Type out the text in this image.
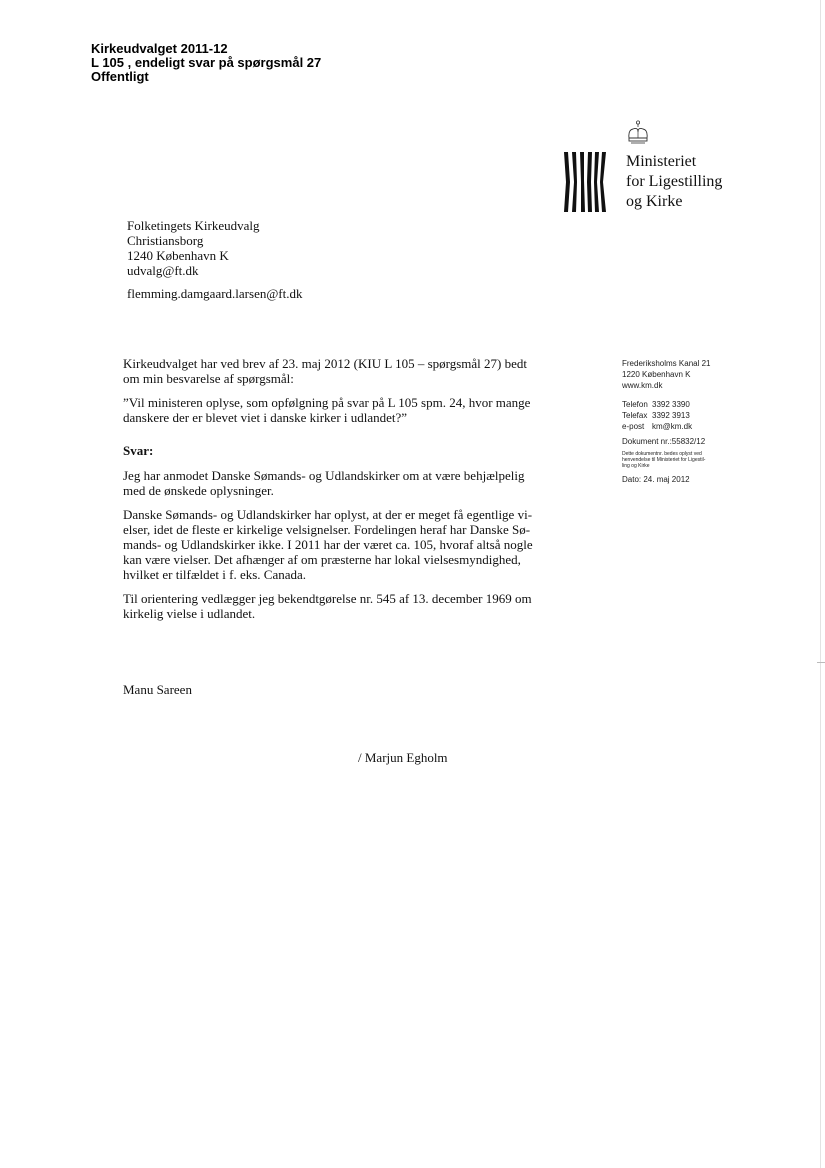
Kirkeudvalget 2011-12
L 105 , endeligt svar på spørgsmål 27
Offentligt
Ministeriet
for Ligestilling
og Kirke
Folketingets Kirkeudvalg
Christiansborg
1240 København K
udvalg@ft.dk
flemming.damgaard.larsen@ft.dk
Frederiksholms Kanal 21
1220 København K
www.km.dk
Telefon 3392 3390
Telefax 3392 3913
e-post km@km.dk
Dokument nr.:55832/12
Dette dokumentnr. bedes oplyst ved
henvendelse til Ministeriet for Ligestil-
ling og Kirke
Dato: 24. maj 2012

Kirkeudvalget har ved brev af 23. maj 2012 (KIU L 105 – spørgsmål 27) bedt
om min besvarelse af spørgsmål:

”Vil ministeren oplyse, som opfølgning på svar på L 105 spm. 24, hvor mange
danskere der er blevet viet i danske kirker i udlandet?”

Svar:

Jeg har anmodet Danske Sømands- og Udlandskirker om at være behjælpelig
med de ønskede oplysninger.

Danske Sømands- og Udlandskirker har oplyst, at der er meget få egentlige vi-
elser, idet de fleste er kirkelige velsignelser. Fordelingen heraf har Danske Sø-
mands- og Udlandskirker ikke. I 2011 har der været ca. 105, hvoraf altså nogle
kan være vielser. Det afhænger af om præsterne har lokal vielsesmyndighed,
hvilket er tilfældet i f. eks. Canada.

Til orientering vedlægger jeg bekendtgørelse nr. 545 af 13. december 1969 om
kirkelig vielse i udlandet.

Manu Sareen
/ Marjun Egholm
